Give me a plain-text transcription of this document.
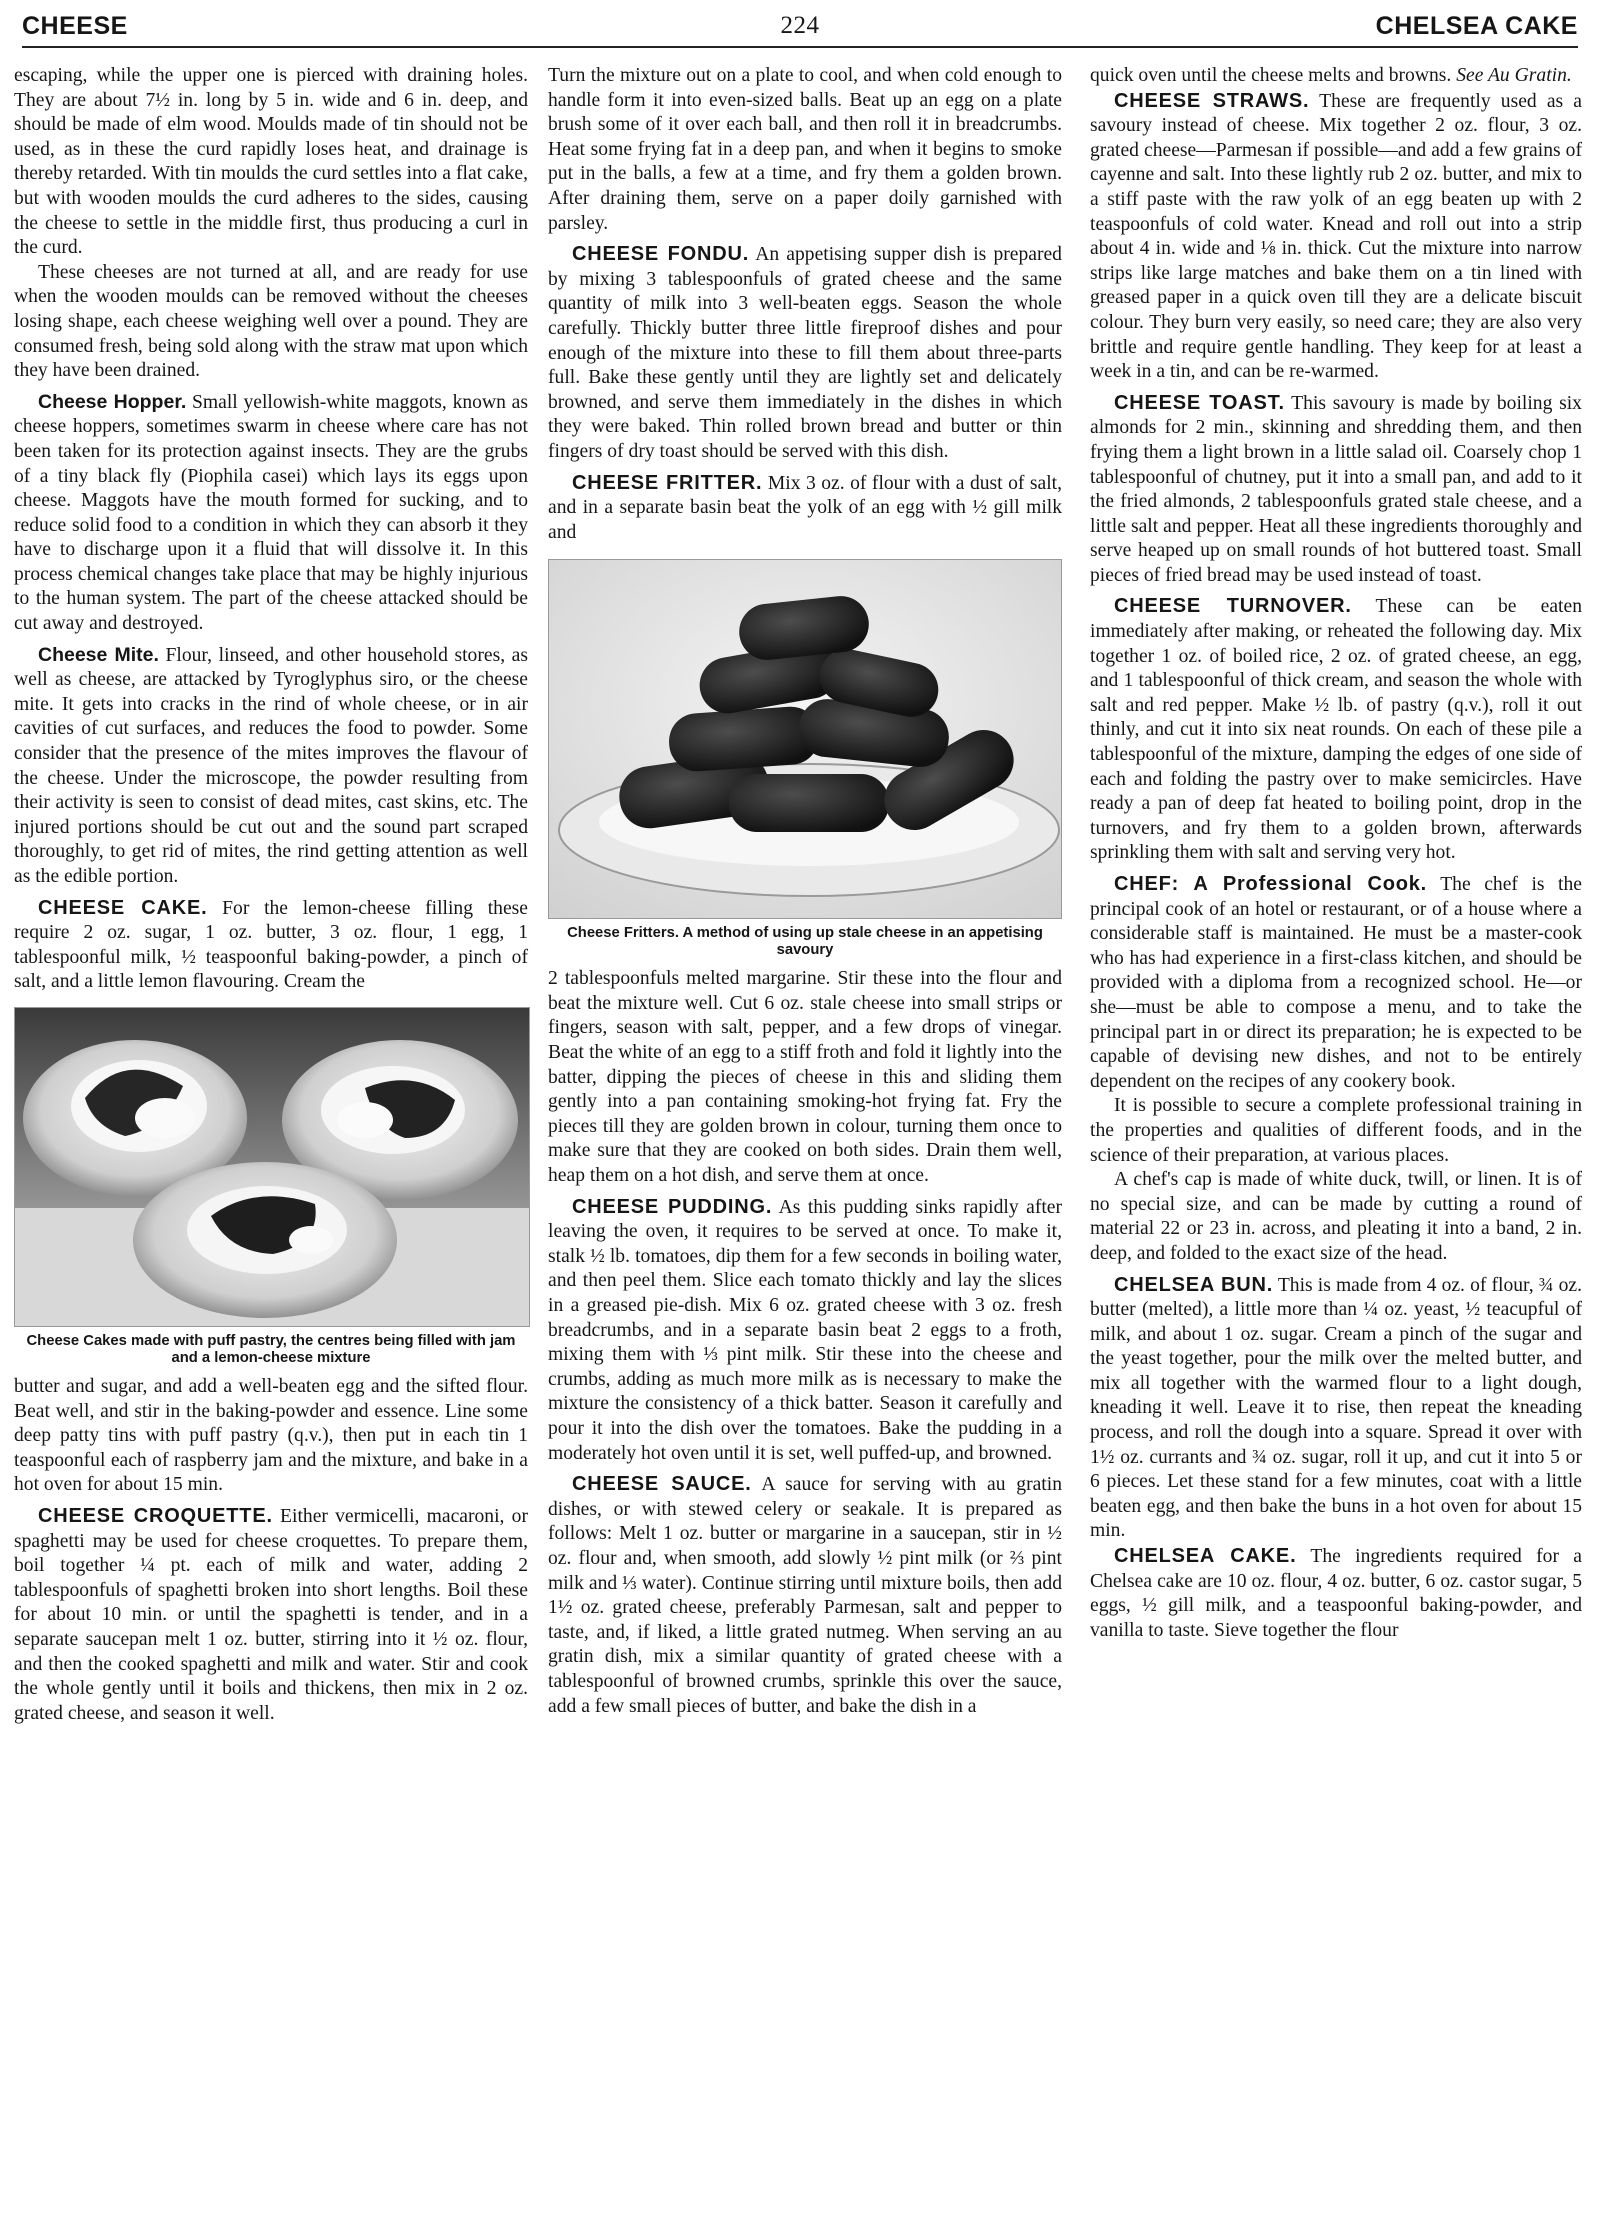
CHEESE	224	CHELSEA CAKE

escaping, while the upper one is pierced with draining holes. They are about 7½ in. long by 5 in. wide and 6 in. deep, and should be made of elm wood. Moulds made of tin should not be used, as in these the curd rapidly loses heat, and drainage is thereby retarded. With tin moulds the curd settles into a flat cake, but with wooden moulds the curd adheres to the sides, causing the cheese to settle in the middle first, thus producing a curl in the curd.

These cheeses are not turned at all, and are ready for use when the wooden moulds can be removed without the cheeses losing shape, each cheese weighing well over a pound. They are consumed fresh, being sold along with the straw mat upon which they have been drained.

Cheese Hopper. Small yellowish-white maggots, known as cheese hoppers, sometimes swarm in cheese where care has not been taken for its protection against insects. They are the grubs of a tiny black fly (Piophila casei) which lays its eggs upon cheese. Maggots have the mouth formed for sucking, and to reduce solid food to a condition in which they can absorb it they have to discharge upon it a fluid that will dissolve it. In this process chemical changes take place that may be highly injurious to the human system. The part of the cheese attacked should be cut away and destroyed.

Cheese Mite. Flour, linseed, and other household stores, as well as cheese, are attacked by Tyroglyphus siro, or the cheese mite. It gets into cracks in the rind of whole cheese, or in air cavities of cut surfaces, and reduces the food to powder. Some consider that the presence of the mites improves the flavour of the cheese. Under the microscope, the powder resulting from their activity is seen to consist of dead mites, cast skins, etc. The injured portions should be cut out and the sound part scraped thoroughly, to get rid of mites, the rind getting attention as well as the edible portion.

CHEESE CAKE. For the lemon-cheese filling these require 2 oz. sugar, 1 oz. butter, 3 oz. flour, 1 egg, 1 tablespoonful milk, ½ teaspoonful baking-powder, a pinch of salt, and a little lemon flavouring. Cream the

Cheese Cakes made with puff pastry, the centres being filled with jam and a lemon-cheese mixture

butter and sugar, and add a well-beaten egg and the sifted flour. Beat well, and stir in the baking-powder and essence. Line some deep patty tins with puff pastry (q.v.), then put in each tin 1 teaspoonful each of raspberry jam and the mixture, and bake in a hot oven for about 15 min.

CHEESE CROQUETTE. Either vermicelli, macaroni, or spaghetti may be used for cheese croquettes. To prepare them, boil together ¼ pt. each of milk and water, adding 2 tablespoonfuls of spaghetti broken into short lengths. Boil these for about 10 min. or until the spaghetti is tender, and in a separate saucepan melt 1 oz. butter, stirring into it ½ oz. flour, and then the cooked spaghetti and milk and water. Stir and cook the whole gently until it boils and thickens, then mix in 2 oz. grated cheese, and season it well.

Turn the mixture out on a plate to cool, and when cold enough to handle form it into even-sized balls. Beat up an egg on a plate brush some of it over each ball, and then roll it in breadcrumbs. Heat some frying fat in a deep pan, and when it begins to smoke put in the balls, a few at a time, and fry them a golden brown. After draining them, serve on a paper doily garnished with parsley.

CHEESE FONDU. An appetising supper dish is prepared by mixing 3 tablespoonfuls of grated cheese and the same quantity of milk into 3 well-beaten eggs. Season the whole carefully. Thickly butter three little fireproof dishes and pour enough of the mixture into these to fill them about three-parts full. Bake these gently until they are lightly set and delicately browned, and serve them immediately in the dishes in which they were baked. Thin rolled brown bread and butter or thin fingers of dry toast should be served with this dish.

CHEESE FRITTER. Mix 3 oz. of flour with a dust of salt, and in a separate basin beat the yolk of an egg with ½ gill milk and

Cheese Fritters. A method of using up stale cheese in an appetising savoury

2 tablespoonfuls melted margarine. Stir these into the flour and beat the mixture well. Cut 6 oz. stale cheese into small strips or fingers, season with salt, pepper, and a few drops of vinegar. Beat the white of an egg to a stiff froth and fold it lightly into the batter, dipping the pieces of cheese in this and sliding them gently into a pan containing smoking-hot frying fat. Fry the pieces till they are golden brown in colour, turning them once to make sure that they are cooked on both sides. Drain them well, heap them on a hot dish, and serve them at once.

CHEESE PUDDING. As this pudding sinks rapidly after leaving the oven, it requires to be served at once. To make it, stalk ½ lb. tomatoes, dip them for a few seconds in boiling water, and then peel them. Slice each tomato thickly and lay the slices in a greased pie-dish. Mix 6 oz. grated cheese with 3 oz. fresh breadcrumbs, and in a separate basin beat 2 eggs to a froth, mixing them with ⅓ pint milk. Stir these into the cheese and crumbs, adding as much more milk as is necessary to make the mixture the consistency of a thick batter. Season it carefully and pour it into the dish over the tomatoes. Bake the pudding in a moderately hot oven until it is set, well puffed-up, and browned.

CHEESE SAUCE. A sauce for serving with au gratin dishes, or with stewed celery or seakale. It is prepared as follows: Melt 1 oz. butter or margarine in a saucepan, stir in ½ oz. flour and, when smooth, add slowly ½ pint milk (or ⅔ pint milk and ⅓ water). Continue stirring until mixture boils, then add 1½ oz. grated cheese, preferably Parmesan, salt and pepper to taste, and, if liked, a little grated nutmeg. When serving an au gratin dish, mix a similar quantity of grated cheese with a tablespoonful of browned crumbs, sprinkle this over the sauce, add a few small pieces of butter, and bake the dish in a

quick oven until the cheese melts and browns. See Au Gratin.

CHEESE STRAWS. These are frequently used as a savoury instead of cheese. Mix together 2 oz. flour, 3 oz. grated cheese—Parmesan if possible—and add a few grains of cayenne and salt. Into these lightly rub 2 oz. butter, and mix to a stiff paste with the raw yolk of an egg beaten up with 2 teaspoonfuls of cold water. Knead and roll out into a strip about 4 in. wide and ⅛ in. thick. Cut the mixture into narrow strips like large matches and bake them on a tin lined with greased paper in a quick oven till they are a delicate biscuit colour. They burn very easily, so need care; they are also very brittle and require gentle handling. They keep for at least a week in a tin, and can be re-warmed.

CHEESE TOAST. This savoury is made by boiling six almonds for 2 min., skinning and shredding them, and then frying them a light brown in a little salad oil. Coarsely chop 1 tablespoonful of chutney, put it into a small pan, and add to it the fried almonds, 2 tablespoonfuls grated stale cheese, and a little salt and pepper. Heat all these ingredients thoroughly and serve heaped up on small rounds of hot buttered toast. Small pieces of fried bread may be used instead of toast.

CHEESE TURNOVER. These can be eaten immediately after making, or reheated the following day. Mix together 1 oz. of boiled rice, 2 oz. of grated cheese, an egg, and 1 tablespoonful of thick cream, and season the whole with salt and red pepper. Make ½ lb. of pastry (q.v.), roll it out thinly, and cut it into six neat rounds. On each of these pile a tablespoonful of the mixture, damping the edges of one side of each and folding the pastry over to make semicircles. Have ready a pan of deep fat heated to boiling point, drop in the turnovers, and fry them to a golden brown, afterwards sprinkling them with salt and serving very hot.

CHEF: A Professional Cook. The chef is the principal cook of an hotel or restaurant, or of a house where a considerable staff is maintained. He must be a master-cook who has had experience in a first-class kitchen, and should be provided with a diploma from a recognized school. He—or she—must be able to compose a menu, and to take the principal part in or direct its preparation; he is expected to be capable of devising new dishes, and not to be entirely dependent on the recipes of any cookery book.

It is possible to secure a complete professional training in the properties and qualities of different foods, and in the science of their preparation, at various places.

A chef's cap is made of white duck, twill, or linen. It is of no special size, and can be made by cutting a round of material 22 or 23 in. across, and pleating it into a band, 2 in. deep, and folded to the exact size of the head.

CHELSEA BUN. This is made from 4 oz. of flour, ¾ oz. butter (melted), a little more than ¼ oz. yeast, ½ teacupful of milk, and about 1 oz. sugar. Cream a pinch of the sugar and the yeast together, pour the milk over the melted butter, and mix all together with the warmed flour to a light dough, kneading it well. Leave it to rise, then repeat the kneading process, and roll the dough into a square. Spread it over with 1½ oz. currants and ¾ oz. sugar, roll it up, and cut it into 5 or 6 pieces. Let these stand for a few minutes, coat with a little beaten egg, and then bake the buns in a hot oven for about 15 min.

CHELSEA CAKE. The ingredients required for a Chelsea cake are 10 oz. flour, 4 oz. butter, 6 oz. castor sugar, 5 eggs, ½ gill milk, and a teaspoonful baking-powder, and vanilla to taste. Sieve together the flour
